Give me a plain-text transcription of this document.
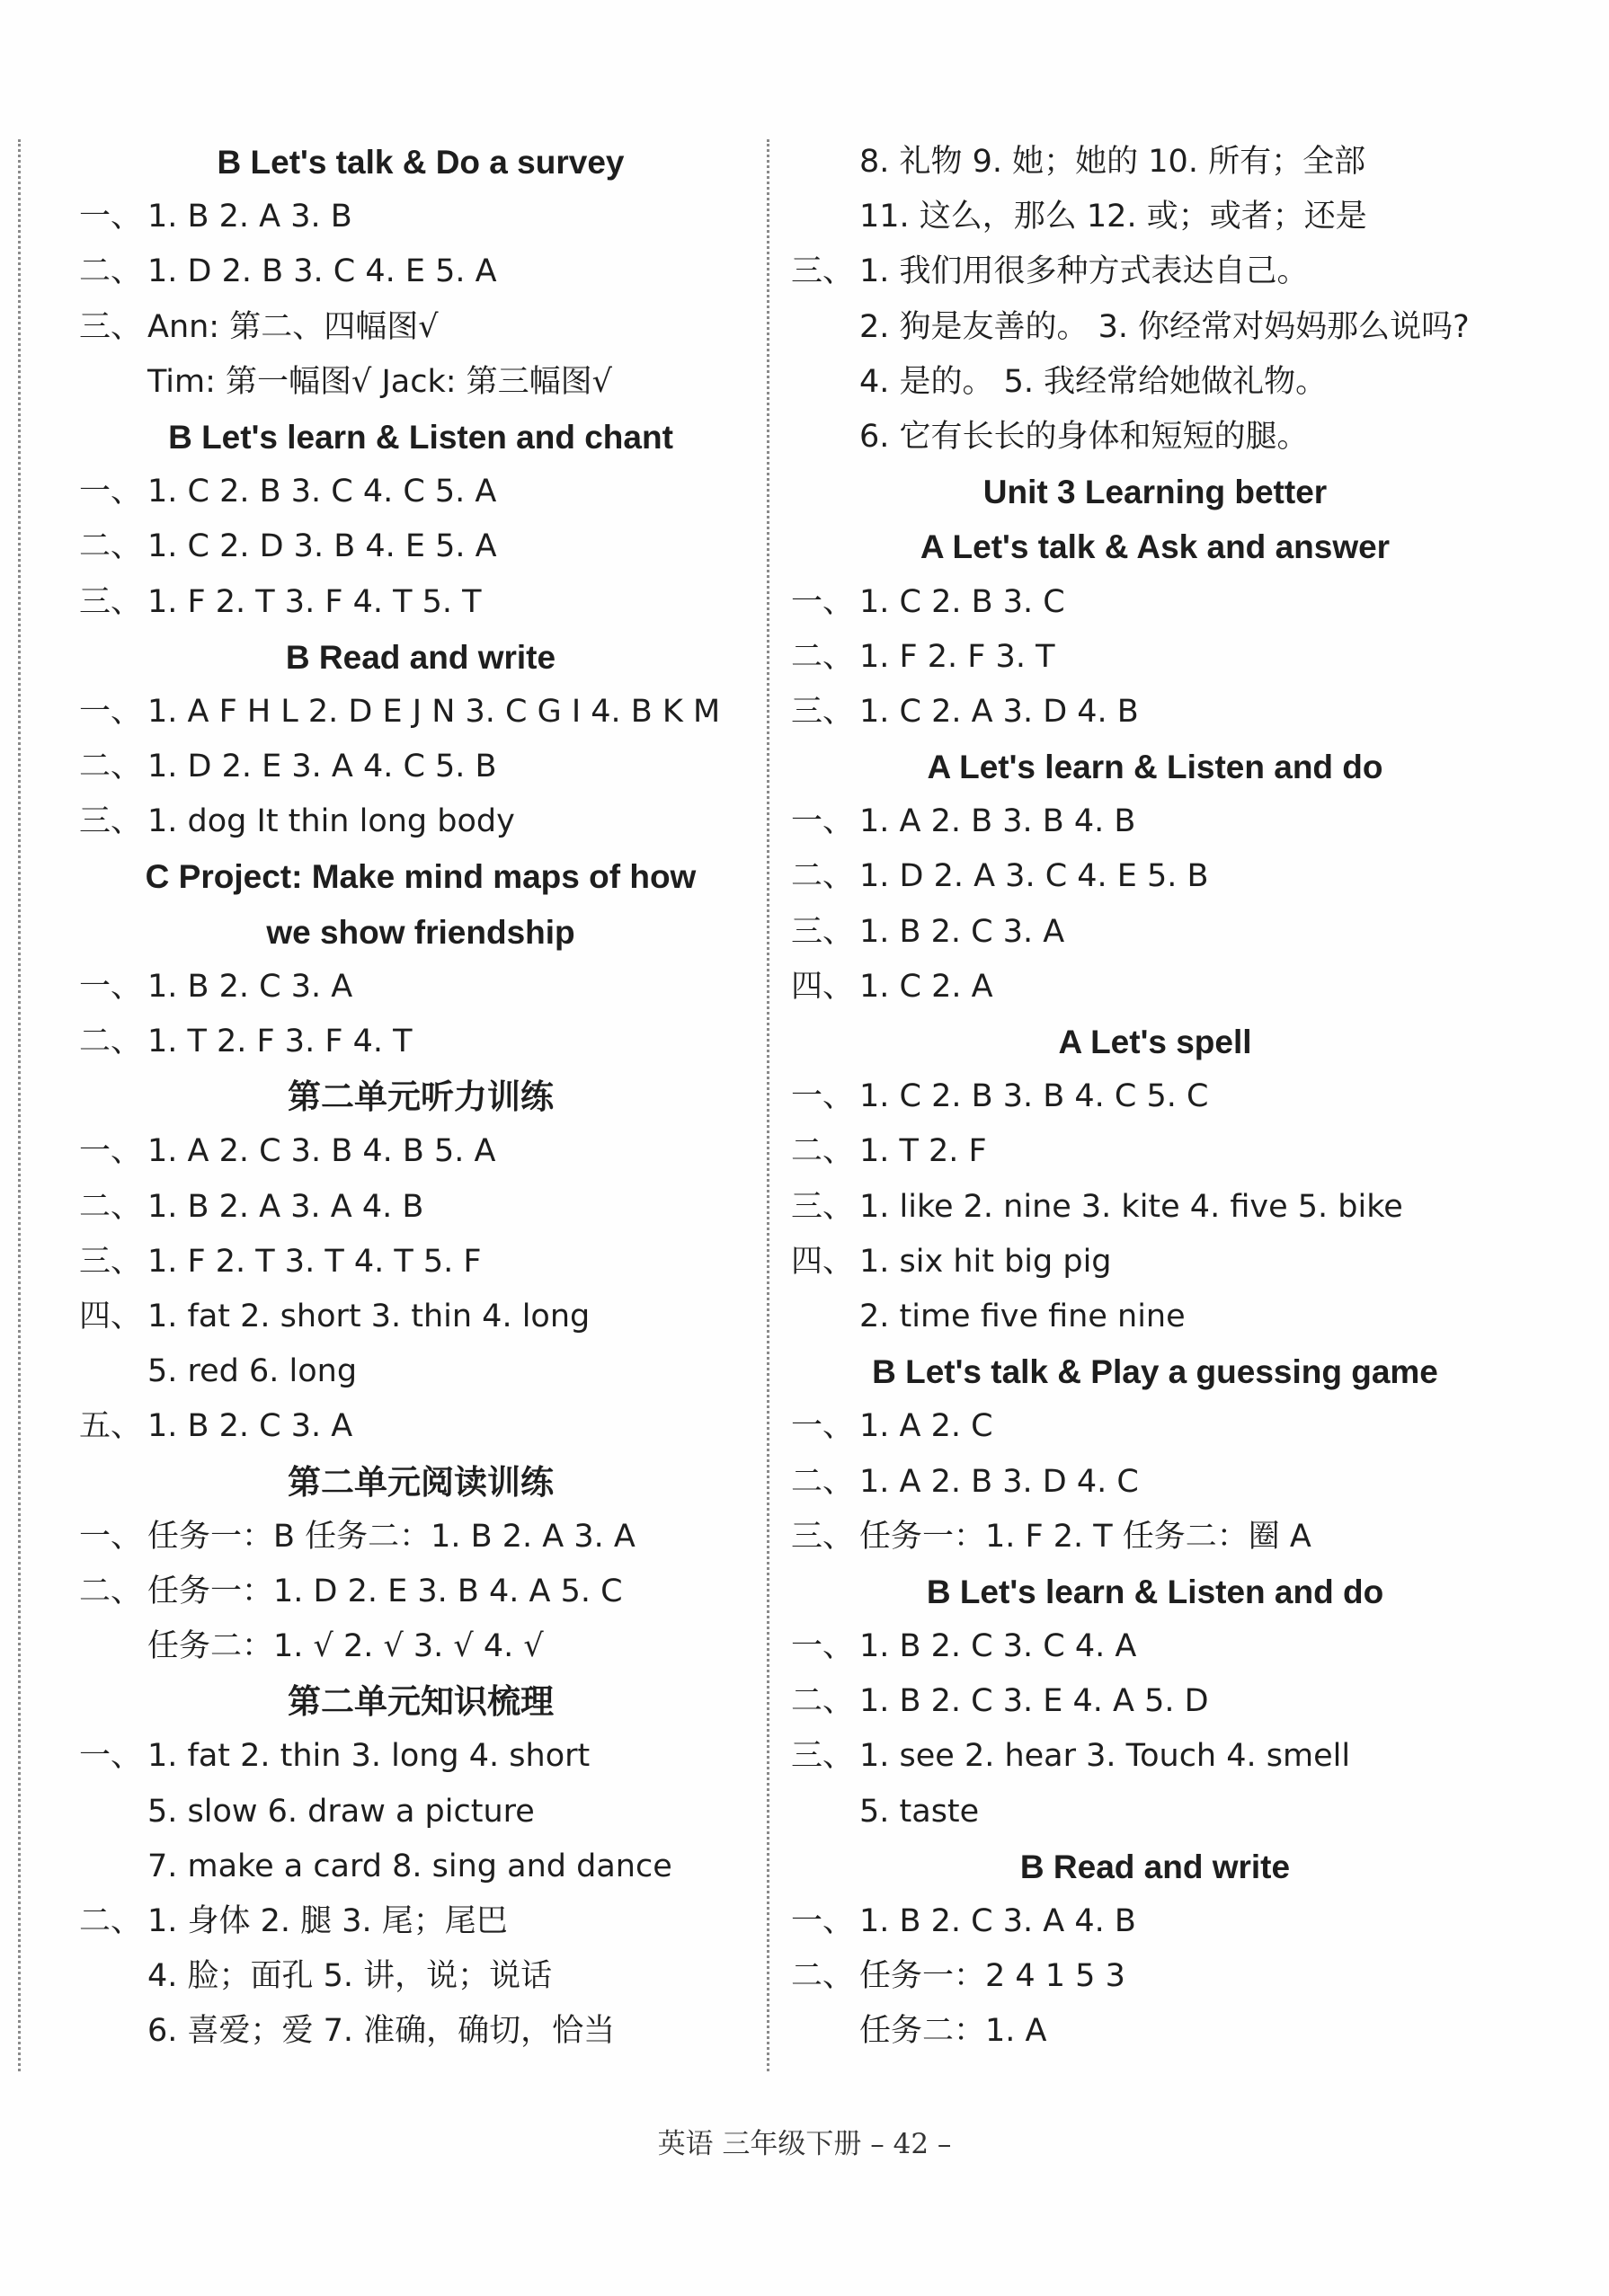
B Let's talk & Do a survey
一、 1. B 2. A 3. B
二、 1. D 2. B 3. C 4. E 5. A
三、 Ann: 第二、四幅图√
Tim: 第一幅图√ Jack: 第三幅图√
B Let's learn & Listen and chant
一、 1. C 2. B 3. C 4. C 5. A
二、 1. C 2. D 3. B 4. E 5. A
三、 1. F 2. T 3. F 4. T 5. T
B Read and write
一、 1. A F H L 2. D E J N 3. C G I 4. B K M
二、 1. D 2. E 3. A 4. C 5. B
三、 1. dog It thin long body
C Project: Make mind maps of how
we show friendship
一、 1. B 2. C 3. A
二、 1. T 2. F 3. F 4. T
第二单元听力训练
一、 1. A 2. C 3. B 4. B 5. A
二、 1. B 2. A 3. A 4. B
三、 1. F 2. T 3. T 4. T 5. F
四、 1. fat 2. short 3. thin 4. long
5. red 6. long
五、 1. B 2. C 3. A
第二单元阅读训练
一、 任务一：B 任务二：1. B 2. A 3. A
二、 任务一：1. D 2. E 3. B 4. A 5. C
任务二：1. √ 2. √ 3. √ 4. √
第二单元知识梳理
一、 1. fat 2. thin 3. long 4. short
5. slow 6. draw a picture
7. make a card 8. sing and dance
二、 1. 身体 2. 腿 3. 尾；尾巴
4. 脸；面孔 5. 讲，说；说话
6. 喜爱；爱 7. 准确，确切，恰当
8. 礼物 9. 她；她的 10. 所有；全部
11. 这么，那么 12. 或；或者；还是
三、 1. 我们用很多种方式表达自己。
2. 狗是友善的。 3. 你经常对妈妈那么说吗?
4. 是的。 5. 我经常给她做礼物。
6. 它有长长的身体和短短的腿。
Unit 3 Learning better
A Let's talk & Ask and answer
一、 1. C 2. B 3. C
二、 1. F 2. F 3. T
三、 1. C 2. A 3. D 4. B
A Let's learn & Listen and do
一、 1. A 2. B 3. B 4. B
二、 1. D 2. A 3. C 4. E 5. B
三、 1. B 2. C 3. A
四、 1. C 2. A
A Let's spell
一、 1. C 2. B 3. B 4. C 5. C
二、 1. T 2. F
三、 1. like 2. nine 3. kite 4. five 5. bike
四、 1. six hit big pig
2. time five fine nine
B Let's talk & Play a guessing game
一、 1. A 2. C
二、 1. A 2. B 3. D 4. C
三、 任务一：1. F 2. T 任务二：圈 A
B Let's learn & Listen and do
一、 1. B 2. C 3. C 4. A
二、 1. B 2. C 3. E 4. A 5. D
三、 1. see 2. hear 3. Touch 4. smell
5. taste
B Read and write
一、 1. B 2. C 3. A 4. B
二、 任务一：2 4 1 5 3
任务二：1. A
英语 三年级下册 – 42 –
